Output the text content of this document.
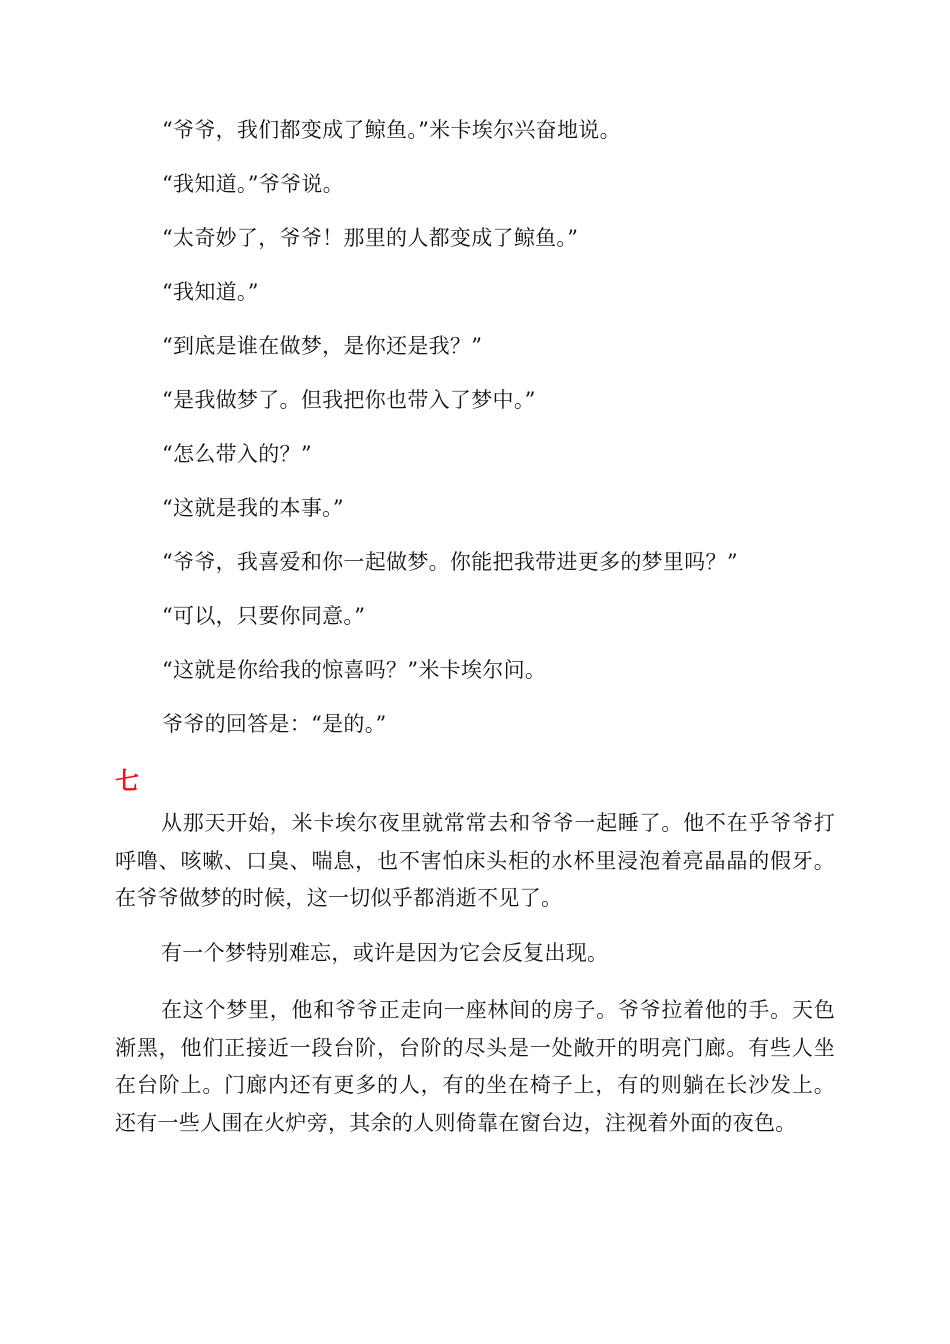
“爷爷，我们都变成了鲸鱼。”米卡埃尔兴奋地说。
“我知道。”爷爷说。
“太奇妙了，爷爷！那里的人都变成了鲸鱼。”
“我知道。”
“到底是谁在做梦，是你还是我？”
“是我做梦了。但我把你也带入了梦中。”
“怎么带入的？”
“这就是我的本事。”
“爷爷，我喜爱和你一起做梦。你能把我带进更多的梦里吗？”
“可以，只要你同意。”
“这就是你给我的惊喜吗？”米卡埃尔问。
爷爷的回答是：“是的。”
七

从那天开始，米卡埃尔夜里就常常去和爷爷一起睡了。他不在乎爷爷打呼噜、咳嗽、口臭、喘息，也不害怕床头柜的水杯里浸泡着亮晶晶的假牙。在爷爷做梦的时候，这一切似乎都消逝不见了。

有一个梦特别难忘，或许是因为它会反复出现。

在这个梦里，他和爷爷正走向一座林间的房子。爷爷拉着他的手。天色渐黑，他们正接近一段台阶，台阶的尽头是一处敞开的明亮门廊。有些人坐在台阶上。门廊内还有更多的人，有的坐在椅子上，有的则躺在长沙发上。还有一些人围在火炉旁，其余的人则倚靠在窗台边，注视着外面的夜色。
